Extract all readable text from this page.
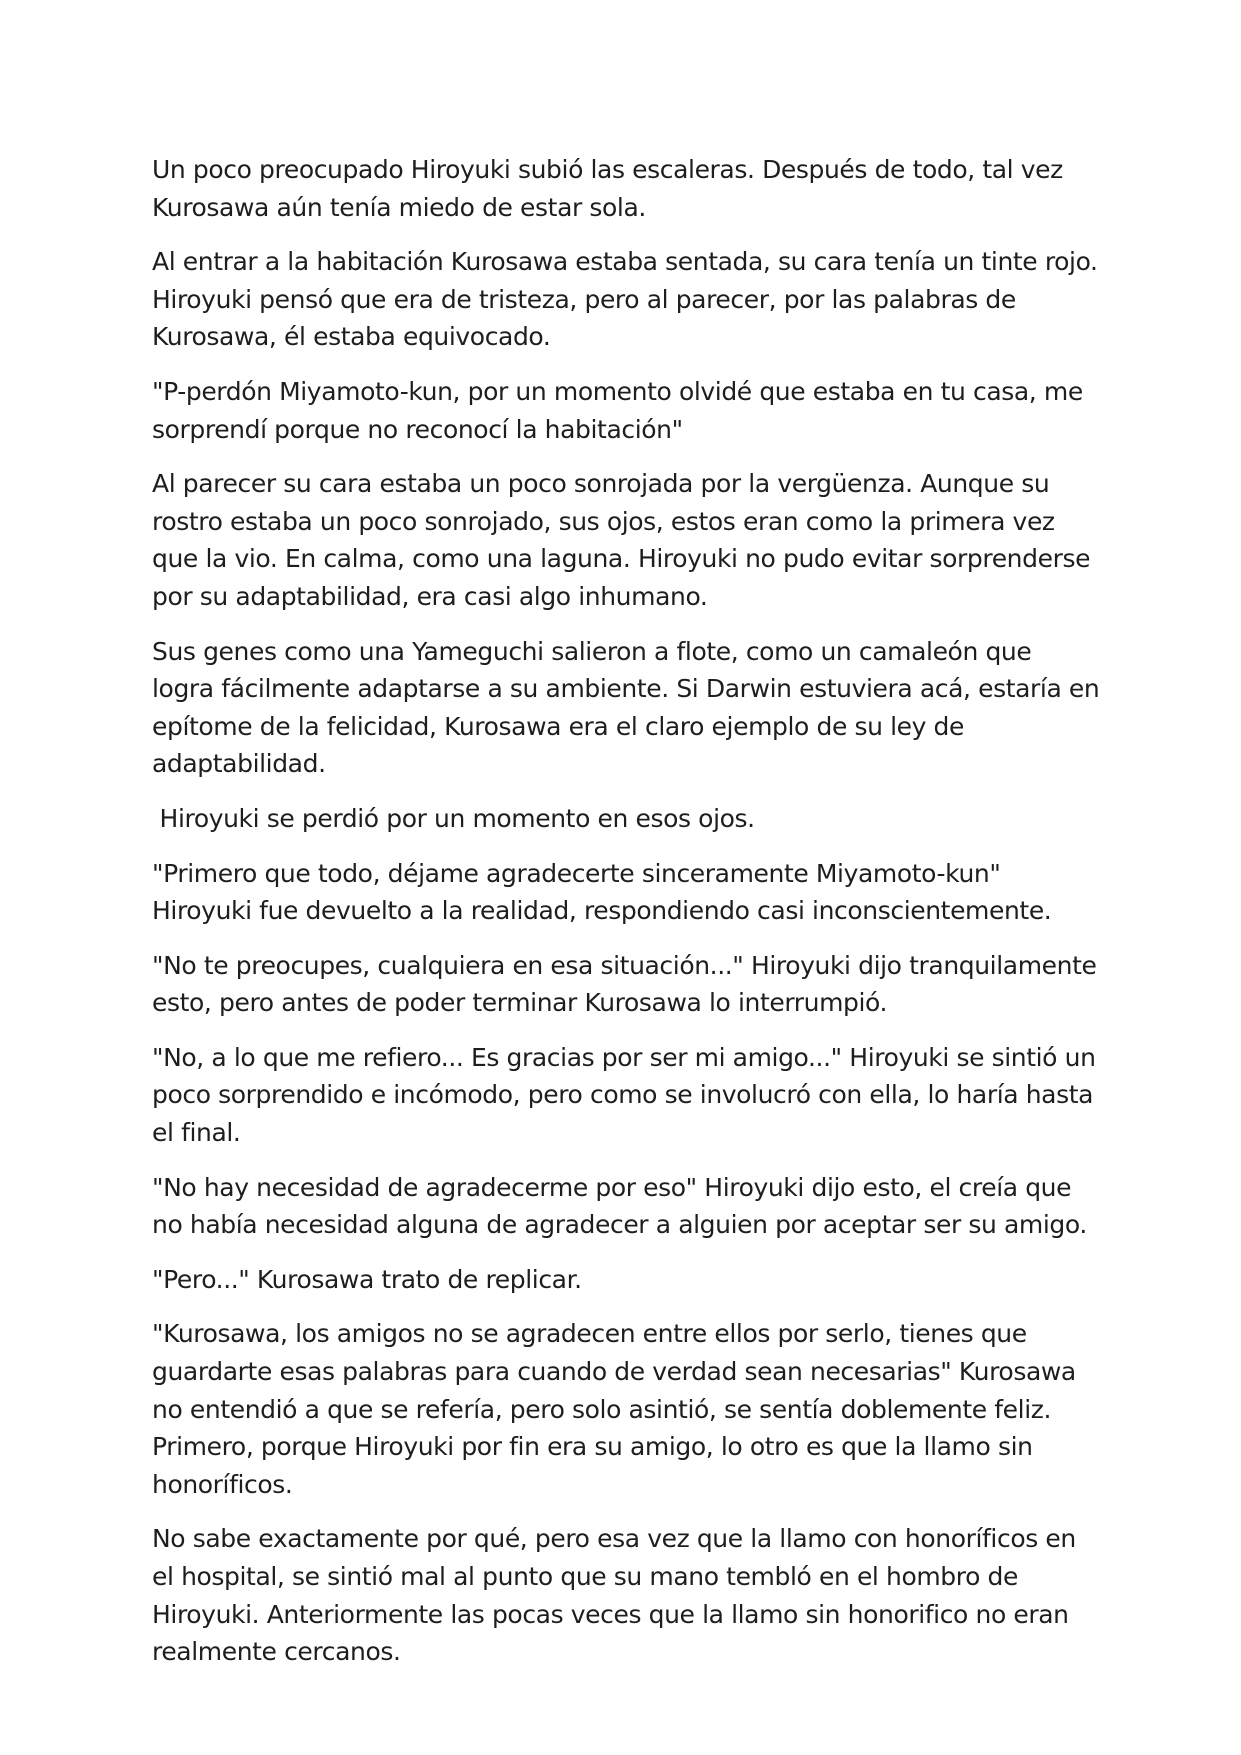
Un poco preocupado Hiroyuki subió las escaleras. Después de todo, tal vez Kurosawa aún tenía miedo de estar sola.

Al entrar a la habitación Kurosawa estaba sentada, su cara tenía un tinte rojo. Hiroyuki pensó que era de tristeza, pero al parecer, por las palabras de Kurosawa, él estaba equivocado.

"P-perdón Miyamoto-kun, por un momento olvidé que estaba en tu casa, me sorprendí porque no reconocí la habitación"

Al parecer su cara estaba un poco sonrojada por la vergüenza. Aunque su rostro estaba un poco sonrojado, sus ojos, estos eran como la primera vez que la vio. En calma, como una laguna. Hiroyuki no pudo evitar sorprenderse por su adaptabilidad, era casi algo inhumano.

Sus genes como una Yameguchi salieron a flote, como un camaleón que logra fácilmente adaptarse a su ambiente. Si Darwin estuviera acá, estaría en epítome de la felicidad, Kurosawa era el claro ejemplo de su ley de adaptabilidad.

Hiroyuki se perdió por un momento en esos ojos.

"Primero que todo, déjame agradecerte sinceramente Miyamoto-kun" Hiroyuki fue devuelto a la realidad, respondiendo casi inconscientemente.

"No te preocupes, cualquiera en esa situación..." Hiroyuki dijo tranquilamente esto, pero antes de poder terminar Kurosawa lo interrumpió.

"No, a lo que me refiero... Es gracias por ser mi amigo..." Hiroyuki se sintió un poco sorprendido e incómodo, pero como se involucró con ella, lo haría hasta el final.

"No hay necesidad de agradecerme por eso" Hiroyuki dijo esto, el creía que no había necesidad alguna de agradecer a alguien por aceptar ser su amigo.

"Pero..." Kurosawa trato de replicar.

"Kurosawa, los amigos no se agradecen entre ellos por serlo, tienes que guardarte esas palabras para cuando de verdad sean necesarias" Kurosawa no entendió a que se refería, pero solo asintió, se sentía doblemente feliz. Primero, porque Hiroyuki por fin era su amigo, lo otro es que la llamo sin honoríficos.

No sabe exactamente por qué, pero esa vez que la llamo con honoríficos en el hospital, se sintió mal al punto que su mano tembló en el hombro de Hiroyuki. Anteriormente las pocas veces que la llamo sin honorifico no eran realmente cercanos.
